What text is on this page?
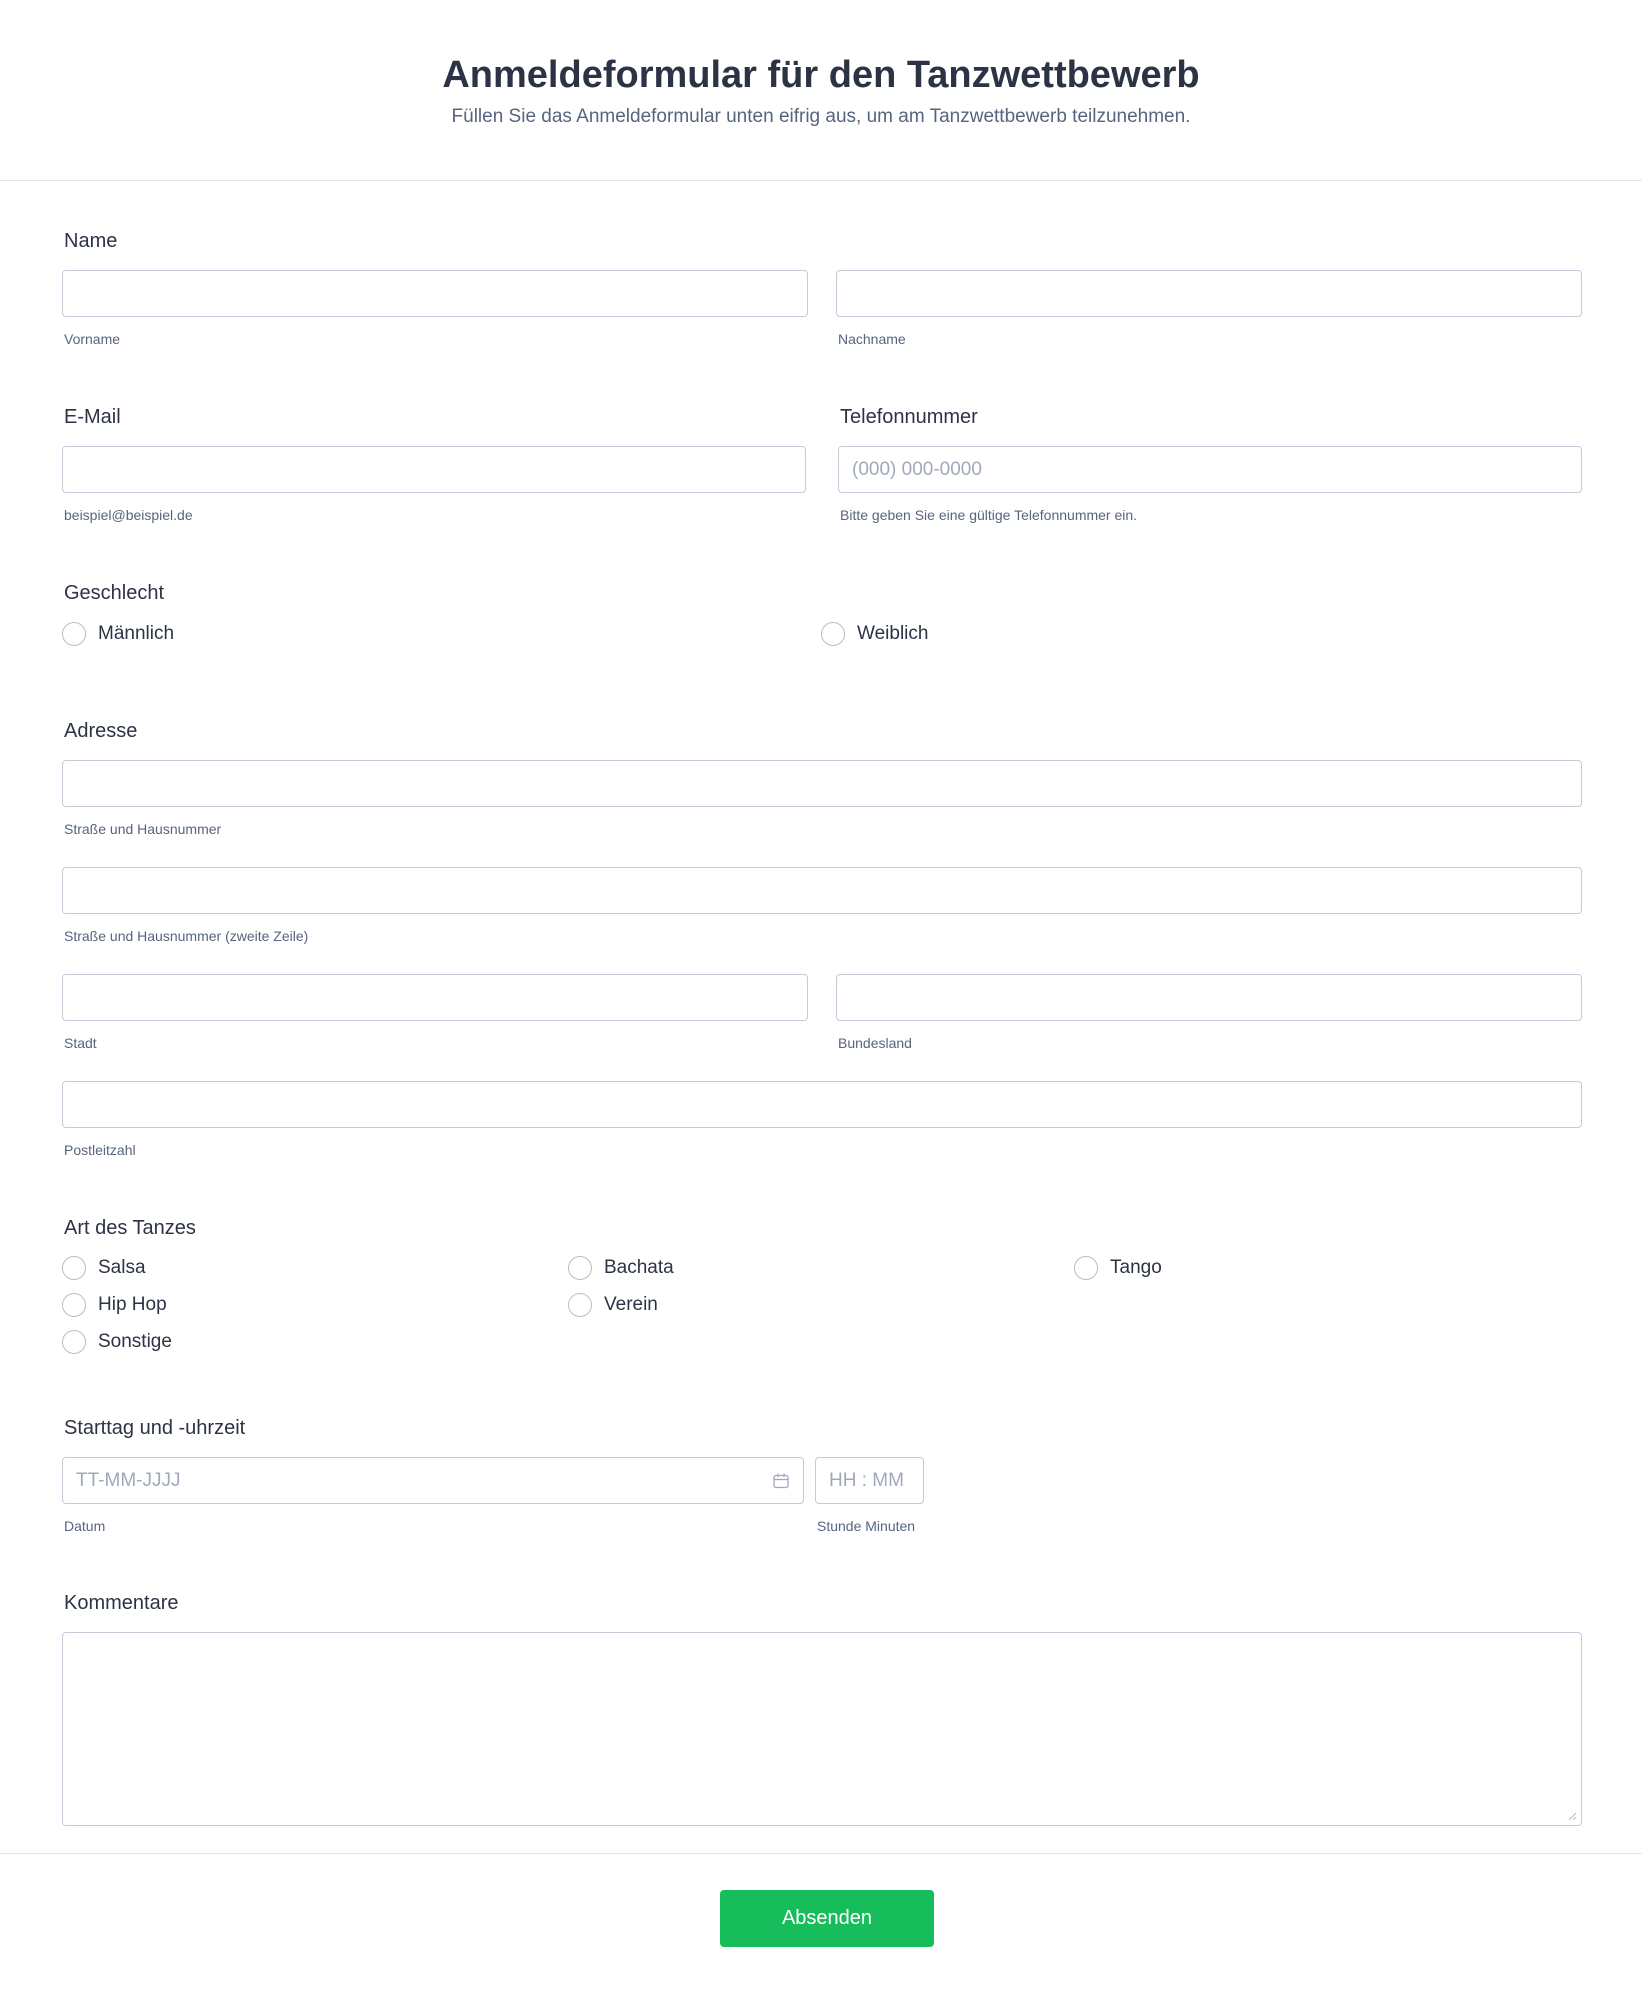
Anmeldeformular für den Tanzwettbewerb
Füllen Sie das Anmeldeformular unten eifrig aus, um am Tanzwettbewerb teilzunehmen.
Name
Vorname	Nachname
E-Mail
beispiel@beispiel.de
Telefonnummer
(000) 000-0000
Bitte geben Sie eine gültige Telefonnummer ein.
Geschlecht
Männlich	Weiblich
Adresse
Straße und Hausnummer
Straße und Hausnummer (zweite Zeile)
Stadt	Bundesland
Postleitzahl
Art des Tanzes
Salsa	Bachata	Tango
Hip Hop	Verein
Sonstige
Starttag und -uhrzeit
TT-MM-JJJJ
Datum
HH : MM
Stunde Minuten
Kommentare
Absenden
